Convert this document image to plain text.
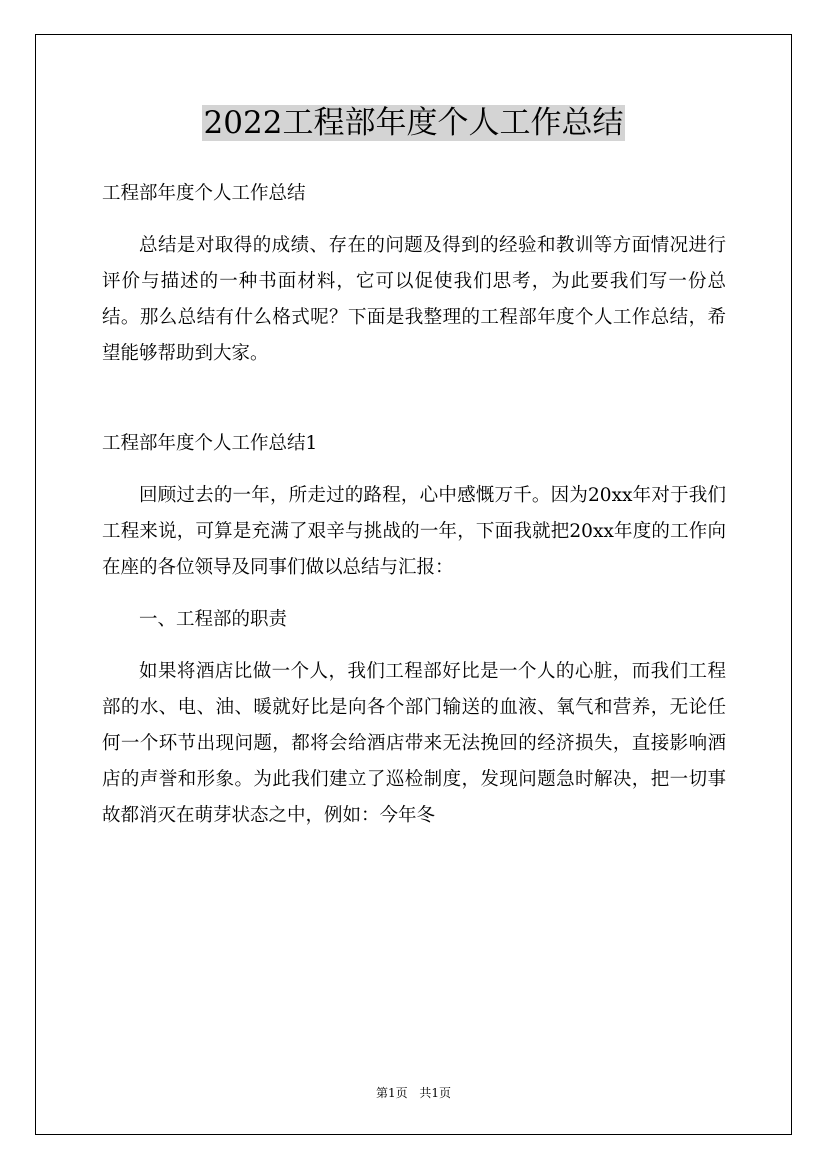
2022工程部年度个人工作总结

工程部年度个人工作总结

总结是对取得的成绩、存在的问题及得到的经验和教训等方面情况进行评价与描述的一种书面材料，它可以促使我们思考，为此要我们写一份总结。那么总结有什么格式呢？下面是我整理的工程部年度个人工作总结，希望能够帮助到大家。

工程部年度个人工作总结1

回顾过去的一年，所走过的路程，心中感慨万千。因为20xx年对于我们工程来说，可算是充满了艰辛与挑战的一年，下面我就把20xx年度的工作向在座的各位领导及同事们做以总结与汇报：

一、工程部的职责

如果将酒店比做一个人，我们工程部好比是一个人的心脏，而我们工程部的水、电、油、暖就好比是向各个部门输送的血液、氧气和营养，无论任何一个环节出现问题，都将会给酒店带来无法挽回的经济损失，直接影响酒店的声誉和形象。为此我们建立了巡检制度，发现问题急时解决，把一切事故都消灭在萌芽状态之中，例如：今年冬

第1页 共1页
